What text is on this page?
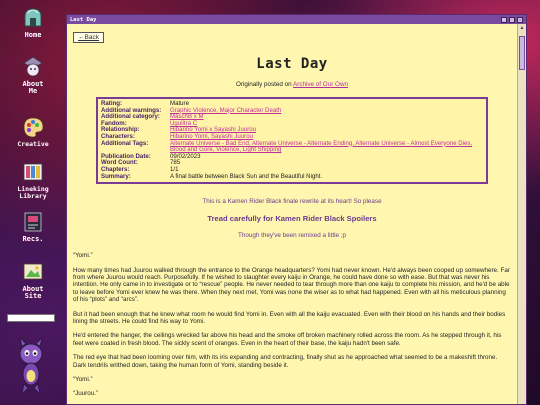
Home
About
Me
Creative
Lineking
Library
Recs.
About
Site
Last Day	_	□	×
←Back
Last Day
Originally posted on Archive of Our Own
Rating:	Mature
Additional warnings:	Graphic Violence, Major Character Death
Additional category:	MaschB x M
Fandom:	Uguiltra C
Relationship:	Hibarino Yomi x Sayashi Juurou
Characters:	Hibarino Yomi, Sayashi Juurou
Additional Tags:	Alternate Universe - Bad End, Alternate Universe - Alternate Ending, Alternate Universe - Almost Everyone Dies, Blood and Gore, Violence, Light Shipping
Publication Date:	09/02/2023
Word Count:	785
Chapters:	1/1
Summary:	A final battle between Black Sun and the Beautiful Night.
This is a Kamen Rider Black finale rewrite at its heart! So please
Tread carefully for Kamen Rider Black Spoilers
Though they've been remixed a little ;p

“Yomi.”

How many times had Juurou walked through the entrance to the Orange headquarters? Yomi had never known. He'd always been cooped up somewhere. Far from where Juurou would reach. Purposefully. If he wished to slaughter every kaiju in Orange, he could have done so with ease. But that was never his intention. He only came in to investigate or to “rescue” people. He never needed to tear through more than one kaiju to complete his mission, and he'd be able to leave before Yomi ever knew he was there. When they next met, Yomi was none the wiser as to what had happened. Even with all his meticulous planning of his “plots” and “arcs”.

But it had been enough that he knew what room he would find Yomi in. Even with all the kaiju evacuated. Even with their blood on his hands and their bodies lining the streets. He could find his way to Yomi.

He'd entered the hanger, the ceilings wrecked far above his head and the smoke off broken machinery rolled across the room. As he stepped through it, his feet were coated in fresh blood. The sickly scent of oranges. Even in the heart of their base, the kaiju hadn't been safe.

The red eye that had been looming over him, with its iris expanding and contracting, finally shut as he approached what seemed to be a makeshift throne. Dark tendrils writhed down, taking the human form of Yomi, standing beside it.

“Yomi.”

“Juurou.”

▲
